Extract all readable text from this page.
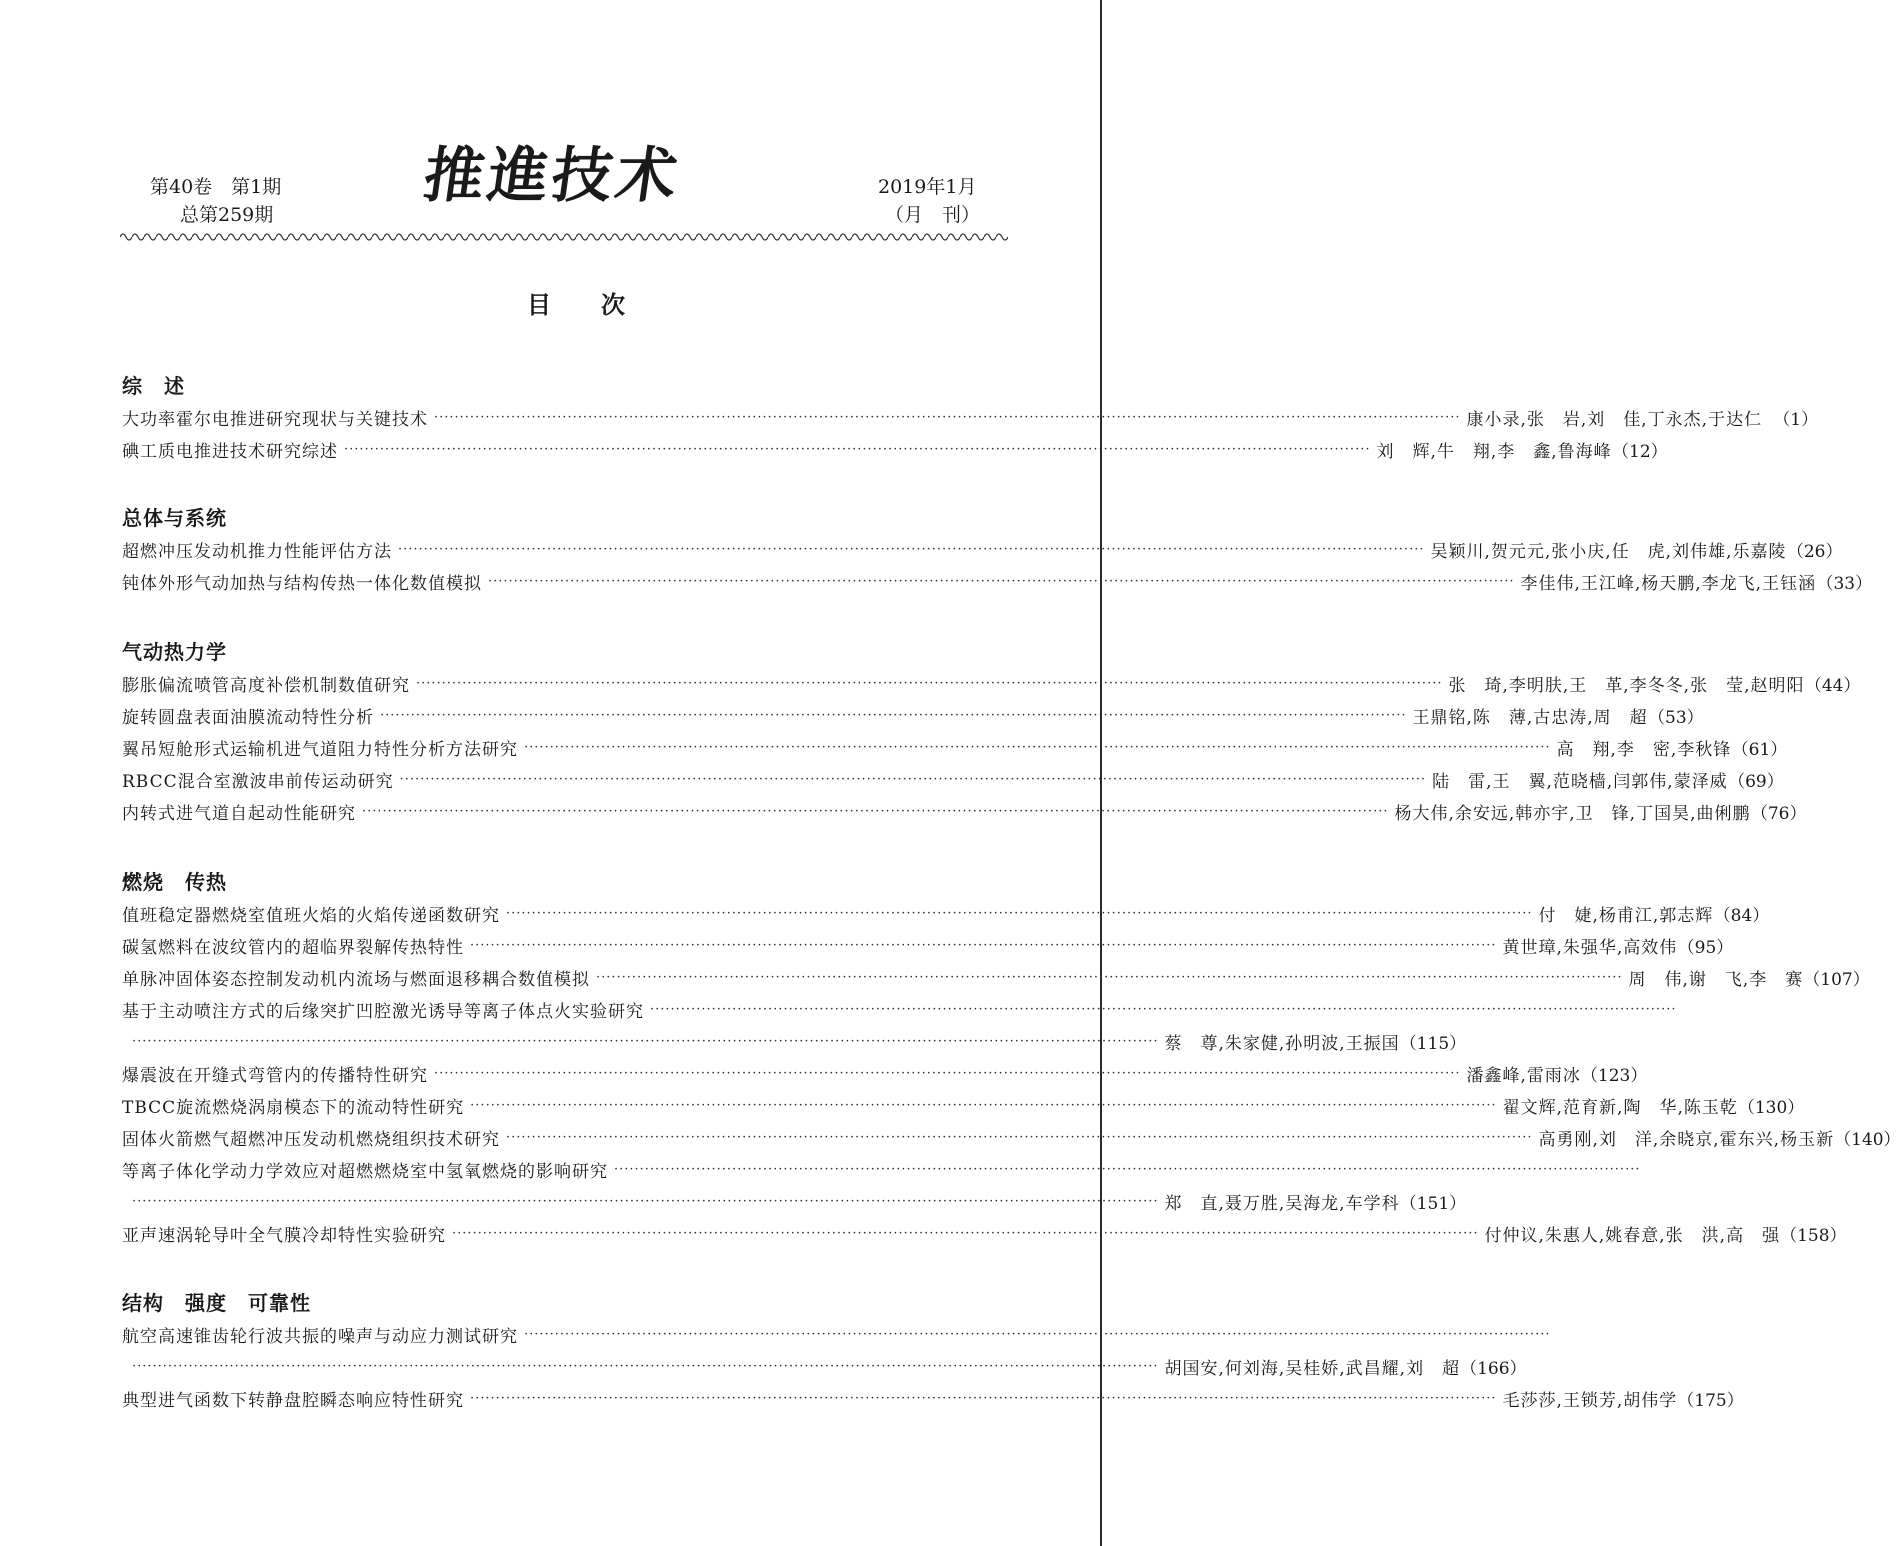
第40卷　第1期
总第259期
推進技术	2019年1月
（月　刊）
目次
综　述
大功率霍尔电推进研究现状与关键技术 ········································································································································································································ 康小录,张　岩,刘　佳,丁永杰,于达仁 （1）
碘工质电推进技术研究综述 ········································································································································································································ 刘　辉,牛　翔,李　鑫,鲁海峰 （12）
总体与系统
超燃冲压发动机推力性能评估方法 ········································································································································································································ 吴颖川,贺元元,张小庆,任　虎,刘伟雄,乐嘉陵 （26）
钝体外形气动加热与结构传热一体化数值模拟 ········································································································································································································ 李佳伟,王江峰,杨天鹏,李龙飞,王钰涵 （33）
气动热力学
膨胀偏流喷管高度补偿机制数值研究 ········································································································································································································ 张　琦,李明肤,王　革,李冬冬,张　莹,赵明阳 （44）
旋转圆盘表面油膜流动特性分析 ········································································································································································································ 王鼎铭,陈　薄,古忠涛,周　超 （53）
翼吊短舱形式运输机进气道阻力特性分析方法研究 ········································································································································································································ 高　翔,李　密,李秋锋 （61）
RBCC混合室激波串前传运动研究 ········································································································································································································ 陆　雷,王　翼,范晓樯,闫郭伟,蒙泽威 （69）
内转式进气道自起动性能研究 ········································································································································································································ 杨大伟,余安远,韩亦宇,卫　锋,丁国昊,曲俐鹏 （76）
燃烧　传热
值班稳定器燃烧室值班火焰的火焰传递函数研究 ········································································································································································································ 付　婕,杨甫江,郭志辉 （84）
碳氢燃料在波纹管内的超临界裂解传热特性 ········································································································································································································ 黄世璋,朱强华,高效伟 （95）
单脉冲固体姿态控制发动机内流场与燃面退移耦合数值模拟 ········································································································································································································ 周　伟,谢　飞,李　赛 （107）
基于主动喷注方式的后缘突扩凹腔激光诱导等离子体点火实验研究 ········································································································································································································
········································································································································································································ 蔡　尊,朱家健,孙明波,王振国 （115）
爆震波在开缝式弯管内的传播特性研究 ········································································································································································································ 潘鑫峰,雷雨冰 （123）
TBCC旋流燃烧涡扇模态下的流动特性研究 ········································································································································································································ 翟文辉,范育新,陶　华,陈玉乾 （130）
固体火箭燃气超燃冲压发动机燃烧组织技术研究 ········································································································································································································ 高勇刚,刘　洋,余晓京,霍东兴,杨玉新 （140）
等离子体化学动力学效应对超燃燃烧室中氢氧燃烧的影响研究 ········································································································································································································
········································································································································································································ 郑　直,聂万胜,吴海龙,车学科 （151）
亚声速涡轮导叶全气膜冷却特性实验研究 ········································································································································································································ 付仲议,朱惠人,姚春意,张　洪,高　强 （158）
结构　强度　可靠性
航空高速锥齿轮行波共振的噪声与动应力测试研究 ········································································································································································································
········································································································································································································ 胡国安,何刘海,吴桂娇,武昌耀,刘　超 （166）
典型进气函数下转静盘腔瞬态响应特性研究 ········································································································································································································ 毛莎莎,王锁芳,胡伟学 （175）
